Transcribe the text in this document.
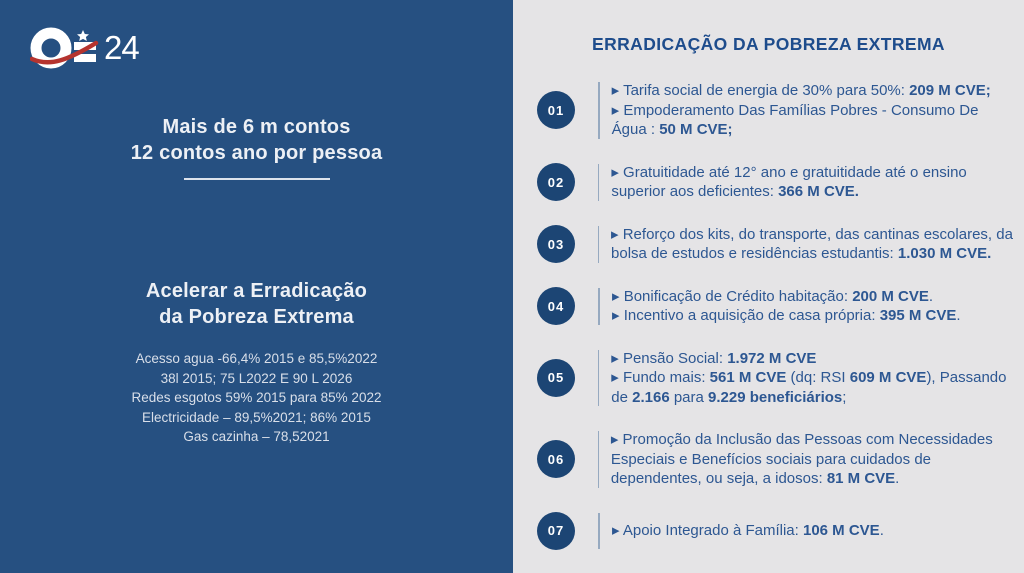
24
Mais de 6 m contos
12 contos ano por pessoa
Acelerar a Erradicação
da Pobreza Extrema
Acesso agua -66,4% 2015 e 85,5%2022
38l 2015; 75 L2022 E 90 L 2026
Redes esgotos 59% 2015 para 85% 2022
Electricidade – 89,5%2021; 86% 2015
Gas cazinha – 78,52021
ERRADICAÇÃO DA POBREZA EXTREMA
01

▸ Tarifa social de energia de 30% para 50%: 209 M CVE;

▸ Empoderamento Das Famílias Pobres - Consumo De Água : 50 M CVE;

02

▸ Gratuitidade até 12° ano e gratuitidade até o ensino superior aos deficientes: 366 M CVE.

03

▸ Reforço dos kits, do transporte, das cantinas escolares, da bolsa de estudos e residências estudantis: 1.030 M CVE.

04

▸ Bonificação de Crédito habitação: 200 M CVE.

▸ Incentivo a aquisição de casa própria: 395 M CVE.

05

▸ Pensão Social: 1.972 M CVE

▸ Fundo mais: 561 M CVE (dq: RSI 609 M CVE), Passando de 2.166 para 9.229 beneficiários;

06

▸ Promoção da Inclusão das Pessoas com Necessidades Especiais e Benefícios sociais para cuidados de dependentes, ou seja, a idosos: 81 M CVE.

07	▸ Apoio Integrado à Família: 106 M CVE.
